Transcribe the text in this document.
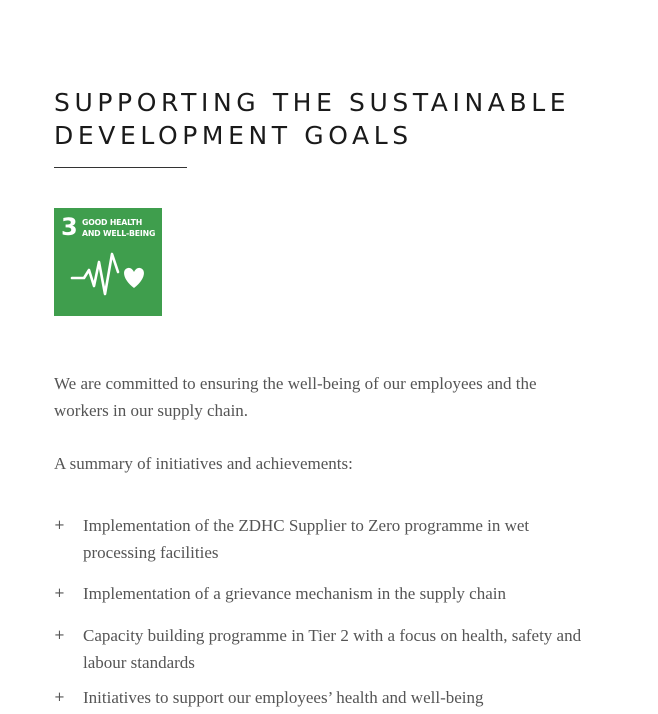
SUPPORTING THE SUSTAINABLE
DEVELOPMENT GOALS
3 GOOD HEALTH
AND WELL-BEING

We are committed to ensuring the well-being of our employees and the workers in our supply chain.

A summary of initiatives and achievements:

+ Implementation of the ZDHC Supplier to Zero programme in wet processing facilities
+ Implementation of a grievance mechanism in the supply chain
+ Capacity building programme in Tier 2 with a focus on health, safety and labour standards
+ Initiatives to support our employees’ health and well-being
